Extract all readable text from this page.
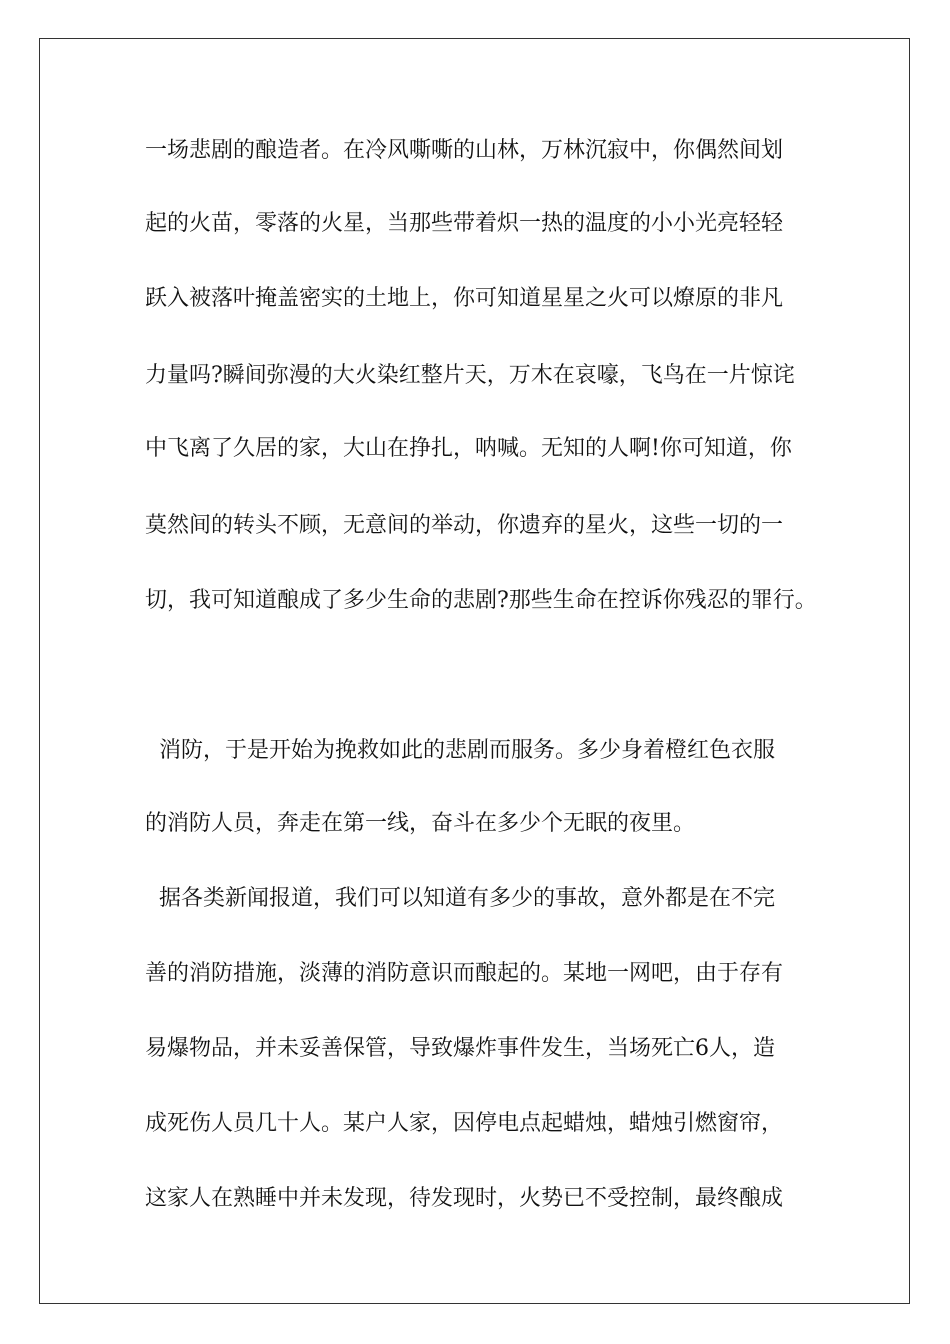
一场悲剧的酿造者。在冷风嘶嘶的山林，万林沉寂中，你偶然间划
起的火苗，零落的火星，当那些带着炽一热的温度的小小光亮轻轻
跃入被落叶掩盖密实的土地上，你可知道星星之火可以燎原的非凡
力量吗?瞬间弥漫的大火染红整片天，万木在哀嚎，飞鸟在一片惊诧
中飞离了久居的家，大山在挣扎，呐喊。无知的人啊!你可知道，你
莫然间的转头不顾，无意间的举动，你遗弃的星火，这些一切的一
切，我可知道酿成了多少生命的悲剧?那些生命在控诉你残忍的罪行。
消防，于是开始为挽救如此的悲剧而服务。多少身着橙红色衣服
的消防人员，奔走在第一线，奋斗在多少个无眠的夜里。
据各类新闻报道，我们可以知道有多少的事故，意外都是在不完
善的消防措施，淡薄的消防意识而酿起的。某地一网吧，由于存有
易爆物品，并未妥善保管，导致爆炸事件发生，当场死亡6人，造
成死伤人员几十人。某户人家，因停电点起蜡烛，蜡烛引燃窗帘，
这家人在熟睡中并未发现，待发现时，火势已不受控制，最终酿成
